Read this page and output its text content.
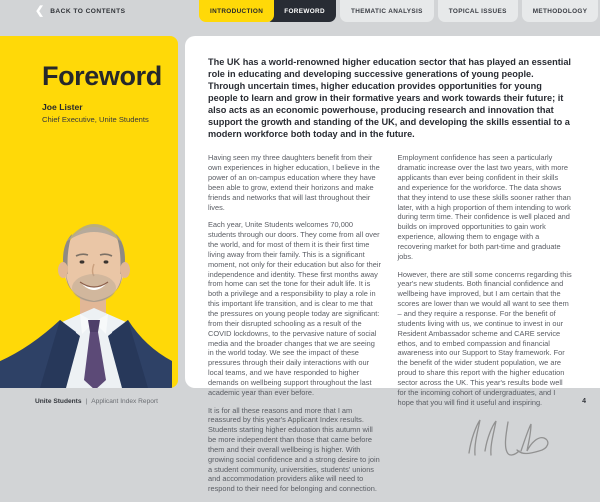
❮ BACK TO CONTENTS	INTRODUCTION	FOREWORD	THEMATIC ANALYSIS	TOPICAL ISSUES	METHODOLOGY
Foreword
Joe Lister
Chief Executive, Unite Students

The UK has a world-renowned higher education sector that has played an essential role in educating and developing successive generations of young people. Through uncertain times, higher education provides opportunities for young people to learn and grow in their formative years and work towards their future; it also acts as an economic powerhouse, producing research and innovation that support the growth and standing of the UK, and developing the skills essential to a modern workforce both today and in the future.

Having seen my three daughters benefit from their own experiences in higher education, I believe in the power of an on-campus education where they have been able to grow, extend their horizons and make friends and networks that will last throughout their lives.

Each year, Unite Students welcomes 70,000 students through our doors. They come from all over the world, and for most of them it is their first time living away from their family. This is a significant moment, not only for their education but also for their independence and identity. These first months away from home can set the tone for their adult life. It is both a privilege and a responsibility to play a role in this important life transition, and is clear to me that the pressures on young people today are significant: from their disrupted schooling as a result of the COVID lockdowns, to the pervasive nature of social media and the broader changes that we are seeing in the world today. We see the impact of these pressures through their daily interactions with our local teams, and we have responded to higher demands on wellbeing support throughout the last academic year than ever before.

It is for all these reasons and more that I am reassured by this year's Applicant Index results. Students starting higher education this autumn will be more independent than those that came before them and their overall wellbeing is higher. With growing social confidence and a strong desire to join a student community, universities, students' unions and accommodation providers alike will need to respond to their need for belonging and connection.

Employment confidence has seen a particularly dramatic increase over the last two years, with more applicants than ever being confident in their skills and experience for the workforce. The data shows that they intend to use these skills sooner rather than later, with a high proportion of them intending to work during term time. Their confidence is well placed and builds on improved opportunities to gain work experience, allowing them to engage with a recovering market for both part-time and graduate jobs.

However, there are still some concerns regarding this year's new students. Both financial confidence and wellbeing have improved, but I am certain that the scores are lower than we would all want to see them – and they require a response. For the benefit of students living with us, we continue to invest in our Resident Ambassador scheme and CARE service ethos, and to embed compassion and financial awareness into our Support to Stay framework. For the benefit of the wider student population, we are proud to share this report with the higher education sector across the UK. This year's results bode well for the incoming cohort of undergraduates, and I hope that you will find it useful and inspiring.

Unite Students | Applicant Index Report	4
